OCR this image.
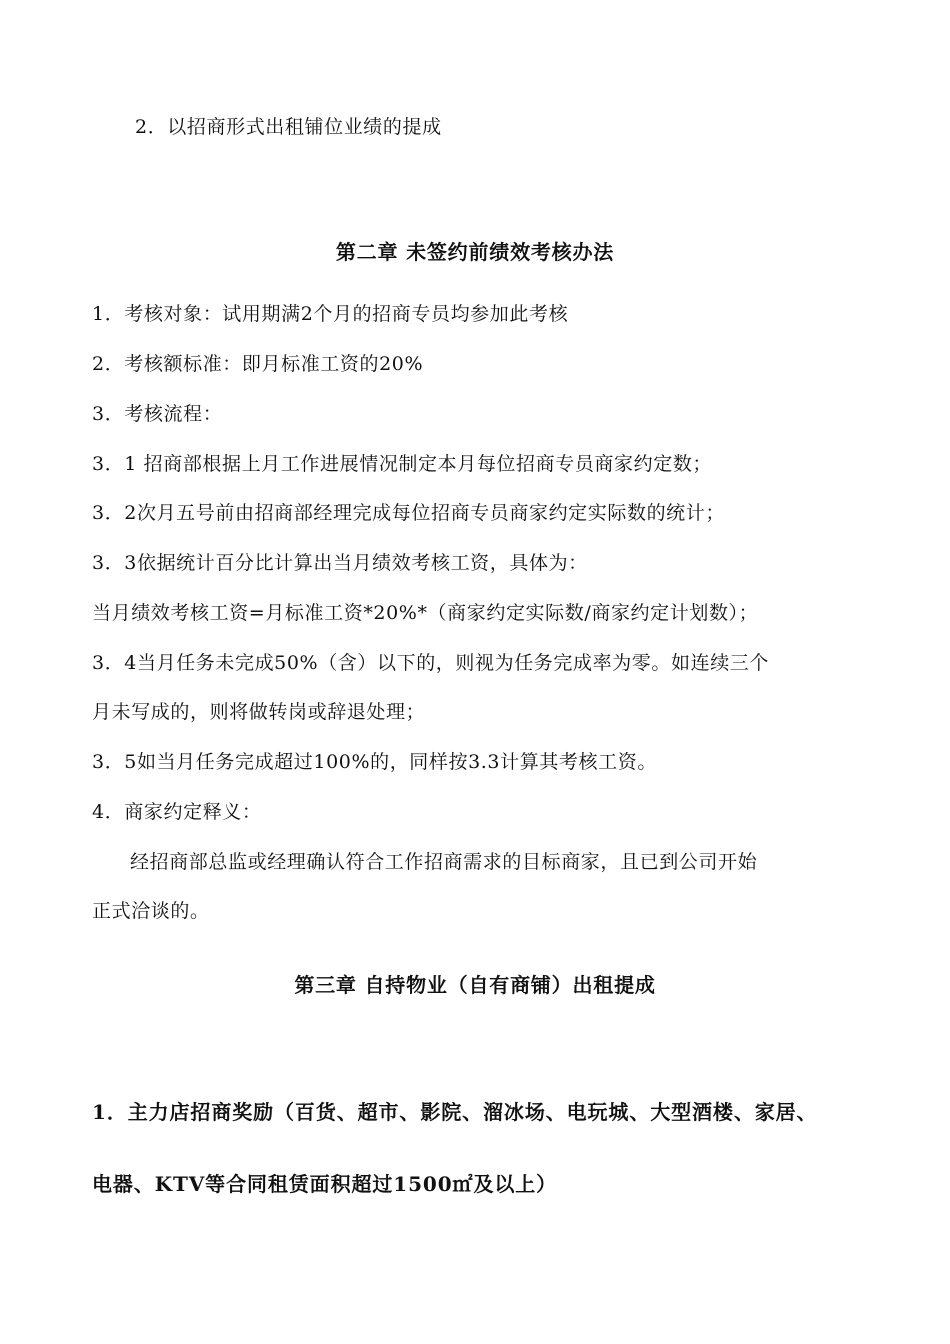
2．以招商形式出租铺位业绩的提成
第二章 未签约前绩效考核办法
1．考核对象：试用期满2个月的招商专员均参加此考核
2．考核额标准：即月标准工资的20%
3．考核流程：
3．1 招商部根据上月工作进展情况制定本月每位招商专员商家约定数；
3．2次月五号前由招商部经理完成每位招商专员商家约定实际数的统计；
3．3依据统计百分比计算出当月绩效考核工资，具体为：
当月绩效考核工资=月标准工资*20%*（商家约定实际数/商家约定计划数）；
3．4当月任务未完成50%（含）以下的，则视为任务完成率为零。如连续三个
月未写成的，则将做转岗或辞退处理；
3．5如当月任务完成超过100%的，同样按3.3计算其考核工资。
4．商家约定释义：
经招商部总监或经理确认符合工作招商需求的目标商家，且已到公司开始
正式洽谈的。
第三章 自持物业（自有商铺）出租提成
1．主力店招商奖励（百货、超市、影院、溜冰场、电玩城、大型酒楼、家居、
电器、KTV等合同租赁面积超过1500㎡及以上）
